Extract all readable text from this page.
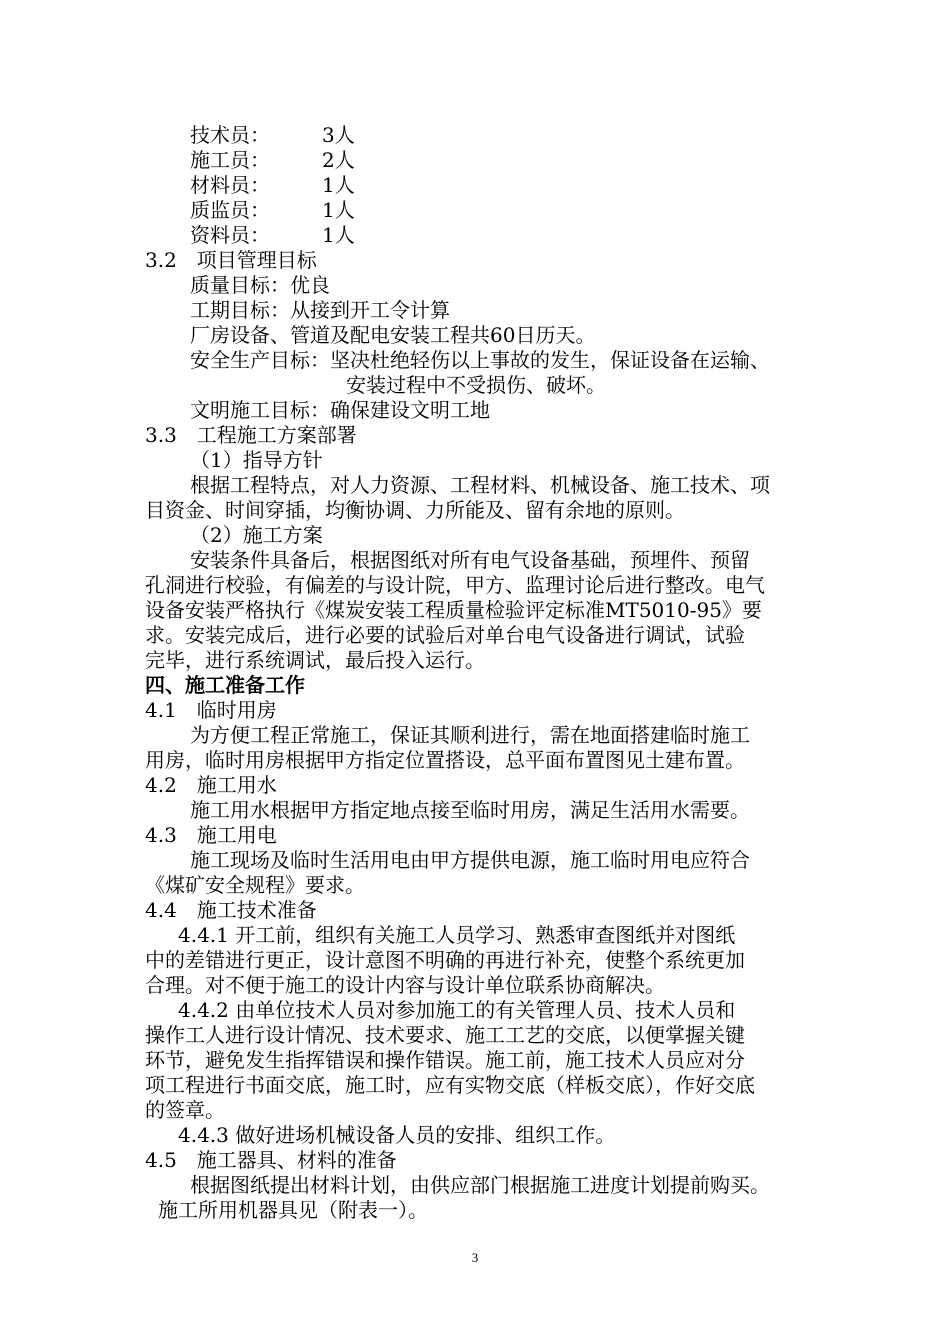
技术员：	3人
施工员：	2人
材料员：	1人
质监员：	1人
资料员：	1人
3.2　项目管理目标
质量目标：优良
工期目标：从接到开工令计算
厂房设备、管道及配电安装工程共60日历天。
安全生产目标：坚决杜绝轻伤以上事故的发生，保证设备在运输、
安装过程中不受损伤、破坏。
文明施工目标：确保建设文明工地
3.3　工程施工方案部署
（1）指导方针
根据工程特点，对人力资源、工程材料、机械设备、施工技术、项
目资金、时间穿插，均衡协调、力所能及、留有余地的原则。
（2）施工方案
安装条件具备后，根据图纸对所有电气设备基础，预埋件、预留
孔洞进行校验，有偏差的与设计院，甲方、监理讨论后进行整改。电气
设备安装严格执行《煤炭安装工程质量检验评定标准MT5010-95》要
求。安装完成后，进行必要的试验后对单台电气设备进行调试，试验
完毕，进行系统调试，最后投入运行。
四、施工准备工作
4.1　临时用房
为方便工程正常施工，保证其顺利进行，需在地面搭建临时施工
用房，临时用房根据甲方指定位置搭设，总平面布置图见土建布置。
4.2　施工用水
施工用水根据甲方指定地点接至临时用房，满足生活用水需要。
4.3　施工用电
施工现场及临时生活用电由甲方提供电源，施工临时用电应符合
《煤矿安全规程》要求。
4.4　施工技术准备
4.4.1 开工前，组织有关施工人员学习、熟悉审查图纸并对图纸
中的差错进行更正，设计意图不明确的再进行补充，使整个系统更加
合理。对不便于施工的设计内容与设计单位联系协商解决。
4.4.2 由单位技术人员对参加施工的有关管理人员、技术人员和
操作工人进行设计情况、技术要求、施工工艺的交底，以便掌握关键
环节，避免发生指挥错误和操作错误。施工前，施工技术人员应对分
项工程进行书面交底，施工时，应有实物交底（样板交底），作好交底
的签章。
4.4.3 做好进场机械设备人员的安排、组织工作。
4.5　施工器具、材料的准备
根据图纸提出材料计划，由供应部门根据施工进度计划提前购买。
施工所用机器具见（附表一）。
3
